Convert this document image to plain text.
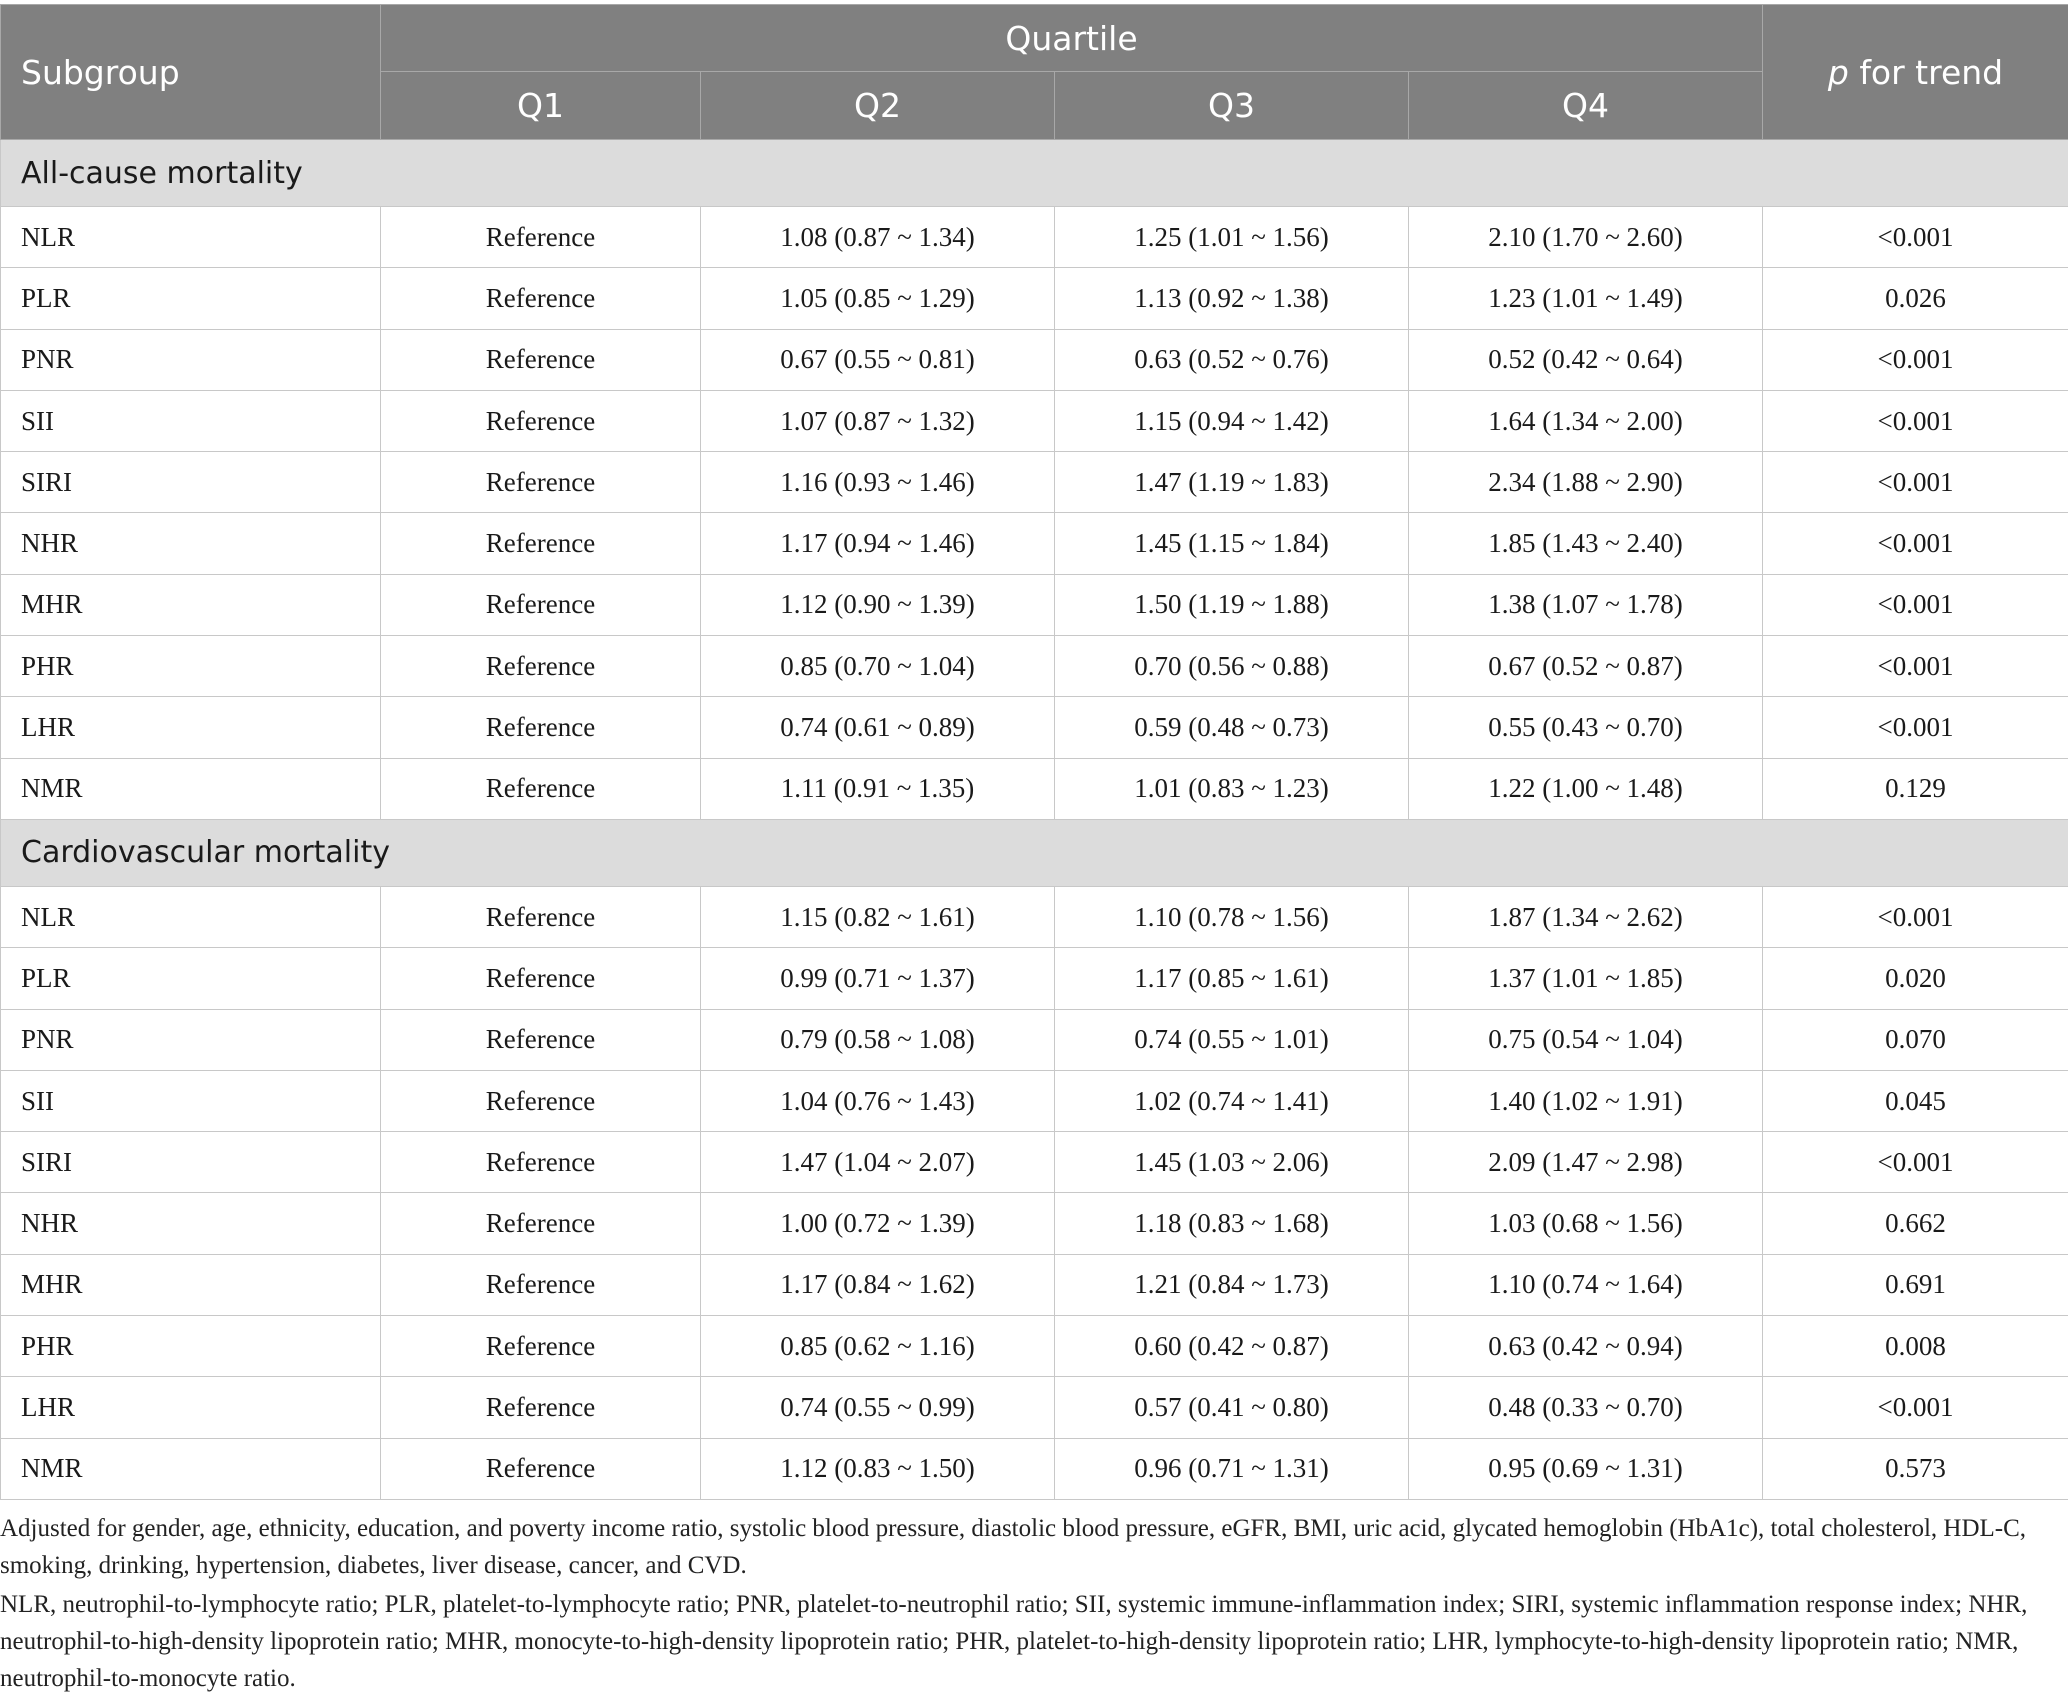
Subgroup	Quartile				p for trend
	Q1	Q2	Q3	Q4	
All-cause mortality					
NLR	Reference	1.08 (0.87 ~ 1.34)	1.25 (1.01 ~ 1.56)	2.10 (1.70 ~ 2.60)	<0.001
PLR	Reference	1.05 (0.85 ~ 1.29)	1.13 (0.92 ~ 1.38)	1.23 (1.01 ~ 1.49)	0.026
PNR	Reference	0.67 (0.55 ~ 0.81)	0.63 (0.52 ~ 0.76)	0.52 (0.42 ~ 0.64)	<0.001
SII	Reference	1.07 (0.87 ~ 1.32)	1.15 (0.94 ~ 1.42)	1.64 (1.34 ~ 2.00)	<0.001
SIRI	Reference	1.16 (0.93 ~ 1.46)	1.47 (1.19 ~ 1.83)	2.34 (1.88 ~ 2.90)	<0.001
NHR	Reference	1.17 (0.94 ~ 1.46)	1.45 (1.15 ~ 1.84)	1.85 (1.43 ~ 2.40)	<0.001
MHR	Reference	1.12 (0.90 ~ 1.39)	1.50 (1.19 ~ 1.88)	1.38 (1.07 ~ 1.78)	<0.001
PHR	Reference	0.85 (0.70 ~ 1.04)	0.70 (0.56 ~ 0.88)	0.67 (0.52 ~ 0.87)	<0.001
LHR	Reference	0.74 (0.61 ~ 0.89)	0.59 (0.48 ~ 0.73)	0.55 (0.43 ~ 0.70)	<0.001
NMR	Reference	1.11 (0.91 ~ 1.35)	1.01 (0.83 ~ 1.23)	1.22 (1.00 ~ 1.48)	0.129
Cardiovascular mortality					
NLR	Reference	1.15 (0.82 ~ 1.61)	1.10 (0.78 ~ 1.56)	1.87 (1.34 ~ 2.62)	<0.001
PLR	Reference	0.99 (0.71 ~ 1.37)	1.17 (0.85 ~ 1.61)	1.37 (1.01 ~ 1.85)	0.020
PNR	Reference	0.79 (0.58 ~ 1.08)	0.74 (0.55 ~ 1.01)	0.75 (0.54 ~ 1.04)	0.070
SII	Reference	1.04 (0.76 ~ 1.43)	1.02 (0.74 ~ 1.41)	1.40 (1.02 ~ 1.91)	0.045
SIRI	Reference	1.47 (1.04 ~ 2.07)	1.45 (1.03 ~ 2.06)	2.09 (1.47 ~ 2.98)	<0.001
NHR	Reference	1.00 (0.72 ~ 1.39)	1.18 (0.83 ~ 1.68)	1.03 (0.68 ~ 1.56)	0.662
MHR	Reference	1.17 (0.84 ~ 1.62)	1.21 (0.84 ~ 1.73)	1.10 (0.74 ~ 1.64)	0.691
PHR	Reference	0.85 (0.62 ~ 1.16)	0.60 (0.42 ~ 0.87)	0.63 (0.42 ~ 0.94)	0.008
LHR	Reference	0.74 (0.55 ~ 0.99)	0.57 (0.41 ~ 0.80)	0.48 (0.33 ~ 0.70)	<0.001
NMR	Reference	1.12 (0.83 ~ 1.50)	0.96 (0.71 ~ 1.31)	0.95 (0.69 ~ 1.31)	0.573

Adjusted for gender, age, ethnicity, education, and poverty income ratio, systolic blood pressure, diastolic blood pressure, eGFR, BMI, uric acid, glycated hemoglobin (HbA1c), total cholesterol, HDL-C, smoking, drinking, hypertension, diabetes, liver disease, cancer, and CVD.

NLR, neutrophil-to-lymphocyte ratio; PLR, platelet-to-lymphocyte ratio; PNR, platelet-to-neutrophil ratio; SII, systemic immune-inflammation index; SIRI, systemic inflammation response index; NHR, neutrophil-to-high-density lipoprotein ratio; MHR, monocyte-to-high-density lipoprotein ratio; PHR, platelet-to-high-density lipoprotein ratio; LHR, lymphocyte-to-high-density lipoprotein ratio; NMR, neutrophil-to-monocyte ratio.
